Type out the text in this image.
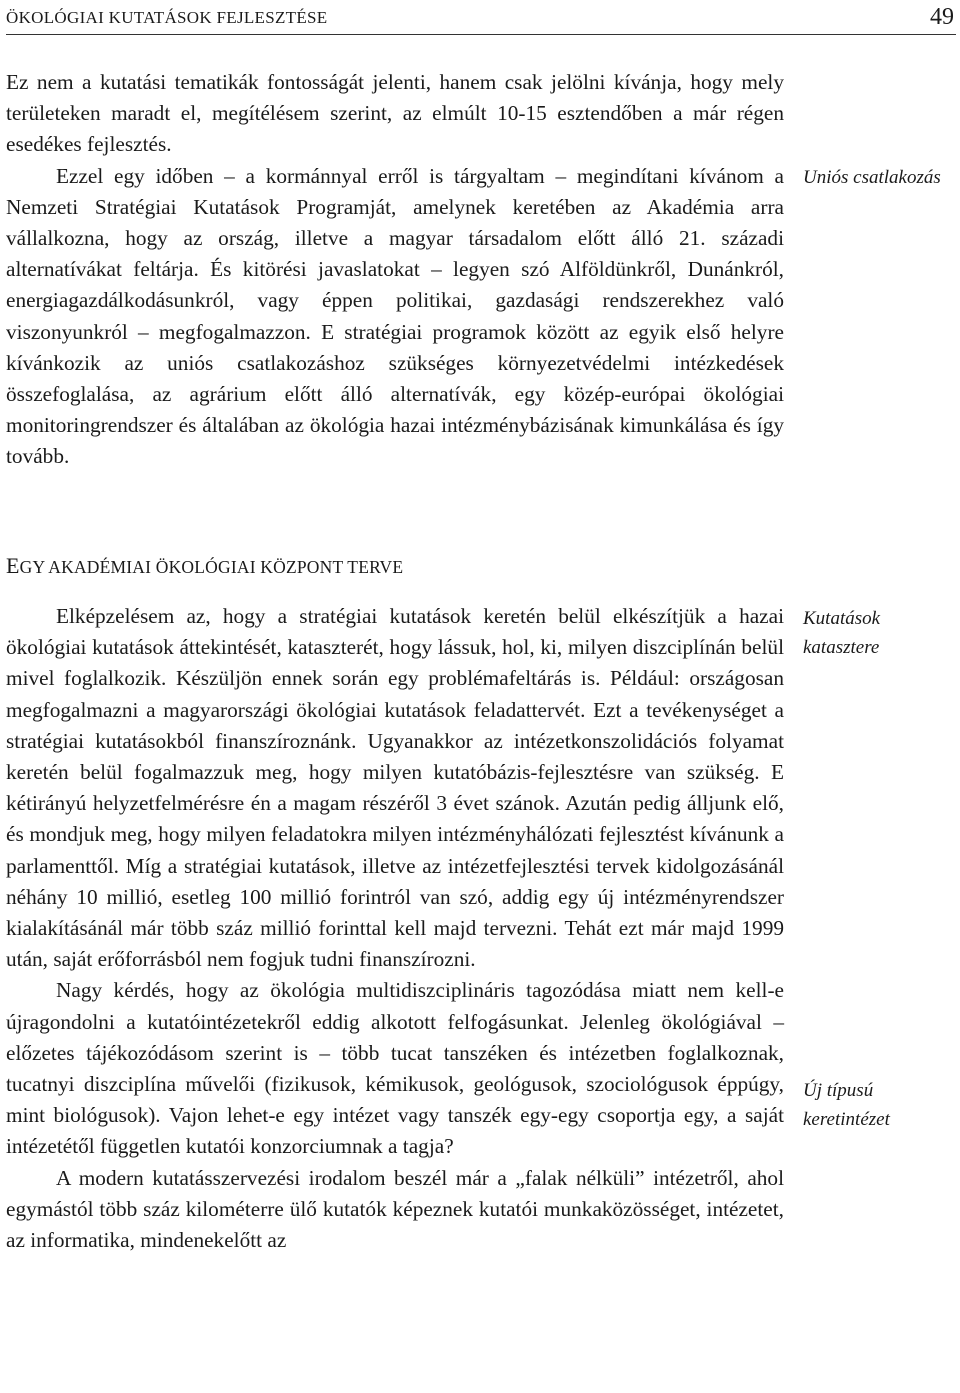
ÖKOLÓGIAI KUTATÁSOK FEJLESZTÉSE	49

Ez nem a kutatási tematikák fontosságát jelenti, hanem csak jelölni kívánja, hogy mely területeken maradt el, megítélésem szerint, az elmúlt 10-15 esztendőben a már régen esedékes fejlesztés.

Ezzel egy időben – a kormánnyal erről is tárgyaltam – megindítani kívánom a Nemzeti Stratégiai Kutatások Programját, amelynek keretében az Akadémia arra vállalkozna, hogy az ország, illetve a magyar társadalom előtt álló 21. századi alternatívákat feltárja. És kitörési javaslatokat – legyen szó Alföldünkről, Dunánkról, energiagazdálkodásunkról, vagy éppen politikai, gazdasági rendszerekhez való viszonyunkról – megfogalmazzon. E stratégiai programok között az egyik első helyre kívánkozik az uniós csatlakozáshoz szükséges környezetvédelmi intézkedések összefoglalása, az agrárium előtt álló alternatívák, egy közép-európai ökológiai monitoringrendszer és általában az ökológia hazai intézménybázisának kimunkálása és így tovább.

Uniós csatlakozás
EGY AKADÉMIAI ÖKOLÓGIAI KÖZPONT TERVE

Elképzelésem az, hogy a stratégiai kutatások keretén belül elkészítjük a hazai ökológiai kutatások áttekintését, kataszterét, hogy lássuk, hol, ki, milyen diszciplínán belül mivel foglalkozik. Készüljön ennek során egy problémafeltárás is. Például: országosan megfogalmazni a magyarországi ökológiai kutatások feladattervét. Ezt a tevékenységet a stratégiai kutatásokból finanszíroznánk. Ugyanakkor az intézetkonszolidációs folyamat keretén belül fogalmazzuk meg, hogy milyen kutatóbázis-fejlesztésre van szükség. E kétirányú helyzetfelmérésre én a magam részéről 3 évet szánok. Azután pedig álljunk elő, és mondjuk meg, hogy milyen feladatokra milyen intézményhálózati fejlesztést kívánunk a parlamenttől. Míg a stratégiai kutatások, illetve az intézetfejlesztési tervek kidolgozásánál néhány 10 millió, esetleg 100 millió forintról van szó, addig egy új intézményrendszer kialakításánál már több száz millió forinttal kell majd tervezni. Tehát ezt már majd 1999 után, saját erőforrásból nem fogjuk tudni finanszírozni.

Nagy kérdés, hogy az ökológia multidiszciplináris tagozódása miatt nem kell-e újragondolni a kutatóintézetekről eddig alkotott felfogásunkat. Jelenleg ökológiával – előzetes tájékozódásom szerint is – több tucat tanszéken és intézetben foglalkoznak, tucatnyi diszciplína művelői (fizikusok, kémikusok, geológusok, szociológusok éppúgy, mint biológusok). Vajon lehet-e egy intézet vagy tanszék egy-egy csoportja egy, a saját intézetétől független kutatói konzorciumnak a tagja?

A modern kutatásszervezési irodalom beszél már a „falak nélküli” intézetről, ahol egymástól több száz kilométerre ülő kutatók képeznek kutatói munkaközösséget, intézetet, az informatika, mindenekelőtt az

Kutatások katasztere
Új típusú keretintézet
